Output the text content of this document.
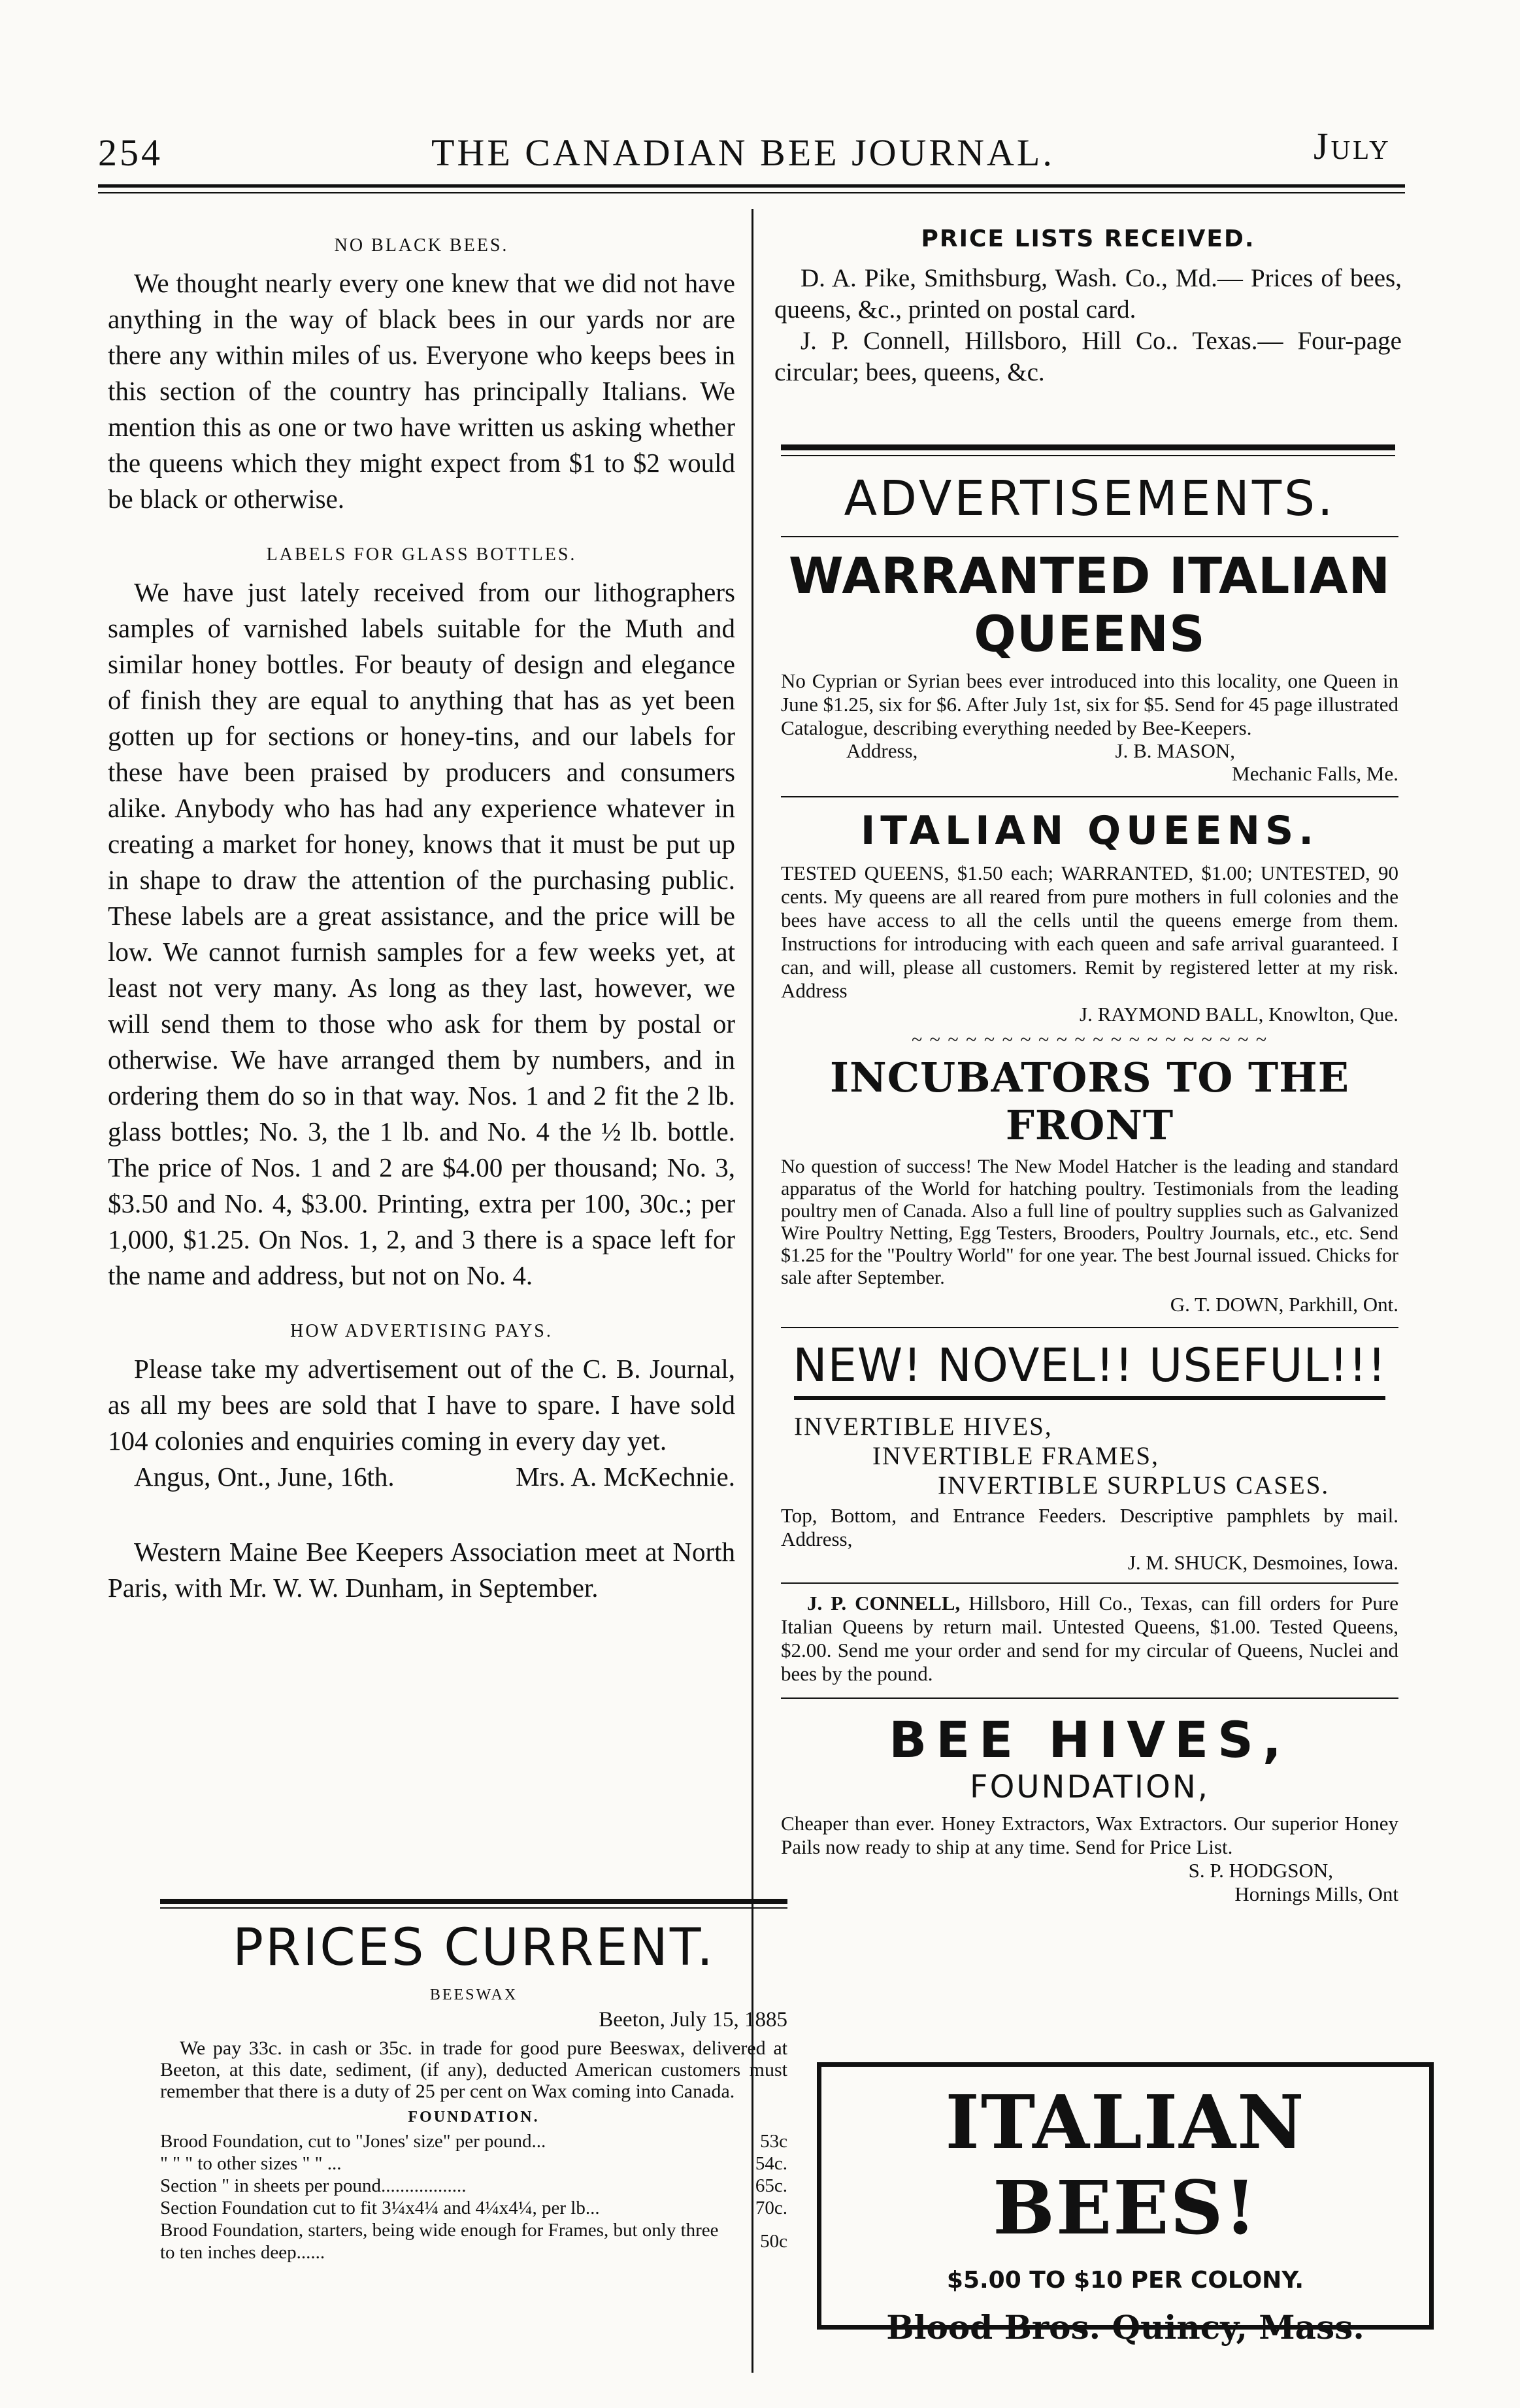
254	THE CANADIAN BEE JOURNAL.	July
NO BLACK BEES.

We thought nearly every one knew that we did not have anything in the way of black bees in our yards nor are there any within miles of us. Everyone who keeps bees in this section of the country has principally Italians. We mention this as one or two have written us asking whether the queens which they might expect from $1 to $2 would be black or otherwise.

LABELS FOR GLASS BOTTLES.

We have just lately received from our lithographers samples of varnished labels suitable for the Muth and similar honey bottles. For beauty of design and elegance of finish they are equal to anything that has as yet been gotten up for sections or honey-tins, and our labels for these have been praised by producers and consumers alike. Anybody who has had any experience whatever in creating a market for honey, knows that it must be put up in shape to draw the attention of the purchasing public. These labels are a great assistance, and the price will be low. We cannot furnish samples for a few weeks yet, at least not very many. As long as they last, however, we will send them to those who ask for them by postal or otherwise. We have arranged them by numbers, and in ordering them do so in that way. Nos. 1 and 2 fit the 2 lb. glass bottles; No. 3, the 1 lb. and No. 4 the ½ lb. bottle. The price of Nos. 1 and 2 are $4.00 per thousand; No. 3, $3.50 and No. 4, $3.00. Printing, extra per 100, 30c.; per 1,000, $1.25. On Nos. 1, 2, and 3 there is a space left for the name and address, but not on No. 4.

HOW ADVERTISING PAYS.

Please take my advertisement out of the C. B. Journal, as all my bees are sold that I have to spare. I have sold 104 colonies and enquiries coming in every day yet.

Angus, Ont., June, 16th.	Mrs. A. McKechnie.

Western Maine Bee Keepers Association meet at North Paris, with Mr. W. W. Dunham, in September.

PRICES CURRENT.
BEESWAX
Beeton, July 15, 1885
We pay 33c. in cash or 35c. in trade for good pure Beeswax, delivered at Beeton, at this date, sediment, (if any), deducted American customers must remember that there is a duty of 25 per cent on Wax coming into Canada.
FOUNDATION.
Brood Foundation, cut to "Jones' size" per pound...	53c
" " " to other sizes " " ...	54c.
Section " in sheets per pound..................	65c.
Section Foundation cut to fit 3¼x4¼ and 4¼x4¼, per lb...	70c.
Brood Foundation, starters, being wide enough for Frames, but only three to ten inches deep......	50c
PRICE LISTS RECEIVED.

D. A. Pike, Smithsburg, Wash. Co., Md.— Prices of bees, queens, &c., printed on postal card.

J. P. Connell, Hillsboro, Hill Co.. Texas.— Four-page circular; bees, queens, &c.

ADVERTISEMENTS.
WARRANTED ITALIAN QUEENS
No Cyprian or Syrian bees ever introduced into this locality, one Queen in June $1.25, six for $6. After July 1st, six for $5. Send for 45 page illustrated Catalogue, describing everything needed by Bee-Keepers.
Address,	J. B. MASON,
Mechanic Falls, Me.
ITALIAN QUEENS.
TESTED QUEENS, $1.50 each; WARRANTED, $1.00; UNTESTED, 90 cents. My queens are all reared from pure mothers in full colonies and the bees have access to all the cells until the queens emerge from them. Instructions for introducing with each queen and safe arrival guaranteed. I can, and will, please all customers. Remit by registered letter at my risk. Address
J. RAYMOND BALL, Knowlton, Que.
~ ~ ~ ~ ~ ~ ~ ~ ~ ~ ~ ~ ~ ~ ~ ~ ~ ~ ~ ~
INCUBATORS TO THE FRONT
No question of success! The New Model Hatcher is the leading and standard apparatus of the World for hatching poultry. Testimonials from the leading poultry men of Canada. Also a full line of poultry supplies such as Galvanized Wire Poultry Netting, Egg Testers, Brooders, Poultry Journals, etc., etc. Send $1.25 for the "Poultry World" for one year. The best Journal issued. Chicks for sale after September.
G. T. DOWN, Parkhill, Ont.
NEW! NOVEL!! USEFUL!!!
INVERTIBLE HIVES,
INVERTIBLE FRAMES,
INVERTIBLE SURPLUS CASES.
Top, Bottom, and Entrance Feeders. Descriptive pamphlets by mail. Address,
J. M. SHUCK, Desmoines, Iowa.
J. P. CONNELL, Hillsboro, Hill Co., Texas, can fill orders for Pure Italian Queens by return mail. Untested Queens, $1.00. Tested Queens, $2.00. Send me your order and send for my circular of Queens, Nuclei and bees by the pound.
BEE HIVES,
FOUNDATION,
Cheaper than ever. Honey Extractors, Wax Extractors. Our superior Honey Pails now ready to ship at any time. Send for Price List.
S. P. HODGSON,
Hornings Mills, Ont
ITALIAN BEES!
$5.00 TO $10 PER COLONY.
Blood Bros. Quincy, Mass.
